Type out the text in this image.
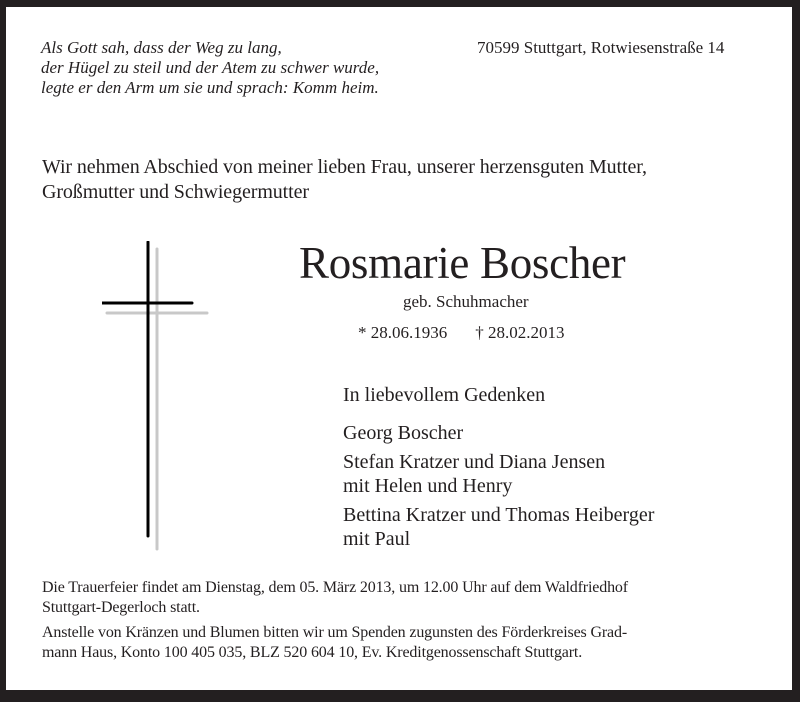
Als Gott sah, dass der Weg zu lang,
der Hügel zu steil und der Atem zu schwer wurde,
legte er den Arm um sie und sprach: Komm heim.
70599 Stuttgart, Rotwiesenstraße 14
Wir nehmen Abschied von meiner lieben Frau, unserer herzensguten Mutter,
Großmutter und Schwiegermutter
Rosmarie Boscher
geb. Schuhmacher
* 28.06.1936 † 28.02.2013
In liebevollem Gedenken
Georg Boscher
Stefan Kratzer und Diana Jensen
mit Helen und Henry
Bettina Kratzer und Thomas Heiberger
mit Paul
Die Trauerfeier findet am Dienstag, dem 05. März 2013, um 12.00 Uhr auf dem Waldfriedhof
Stuttgart-Degerloch statt.
Anstelle von Kränzen und Blumen bitten wir um Spenden zugunsten des Förderkreises Grad-
mann Haus, Konto 100 405 035, BLZ 520 604 10, Ev. Kreditgenossenschaft Stuttgart.
